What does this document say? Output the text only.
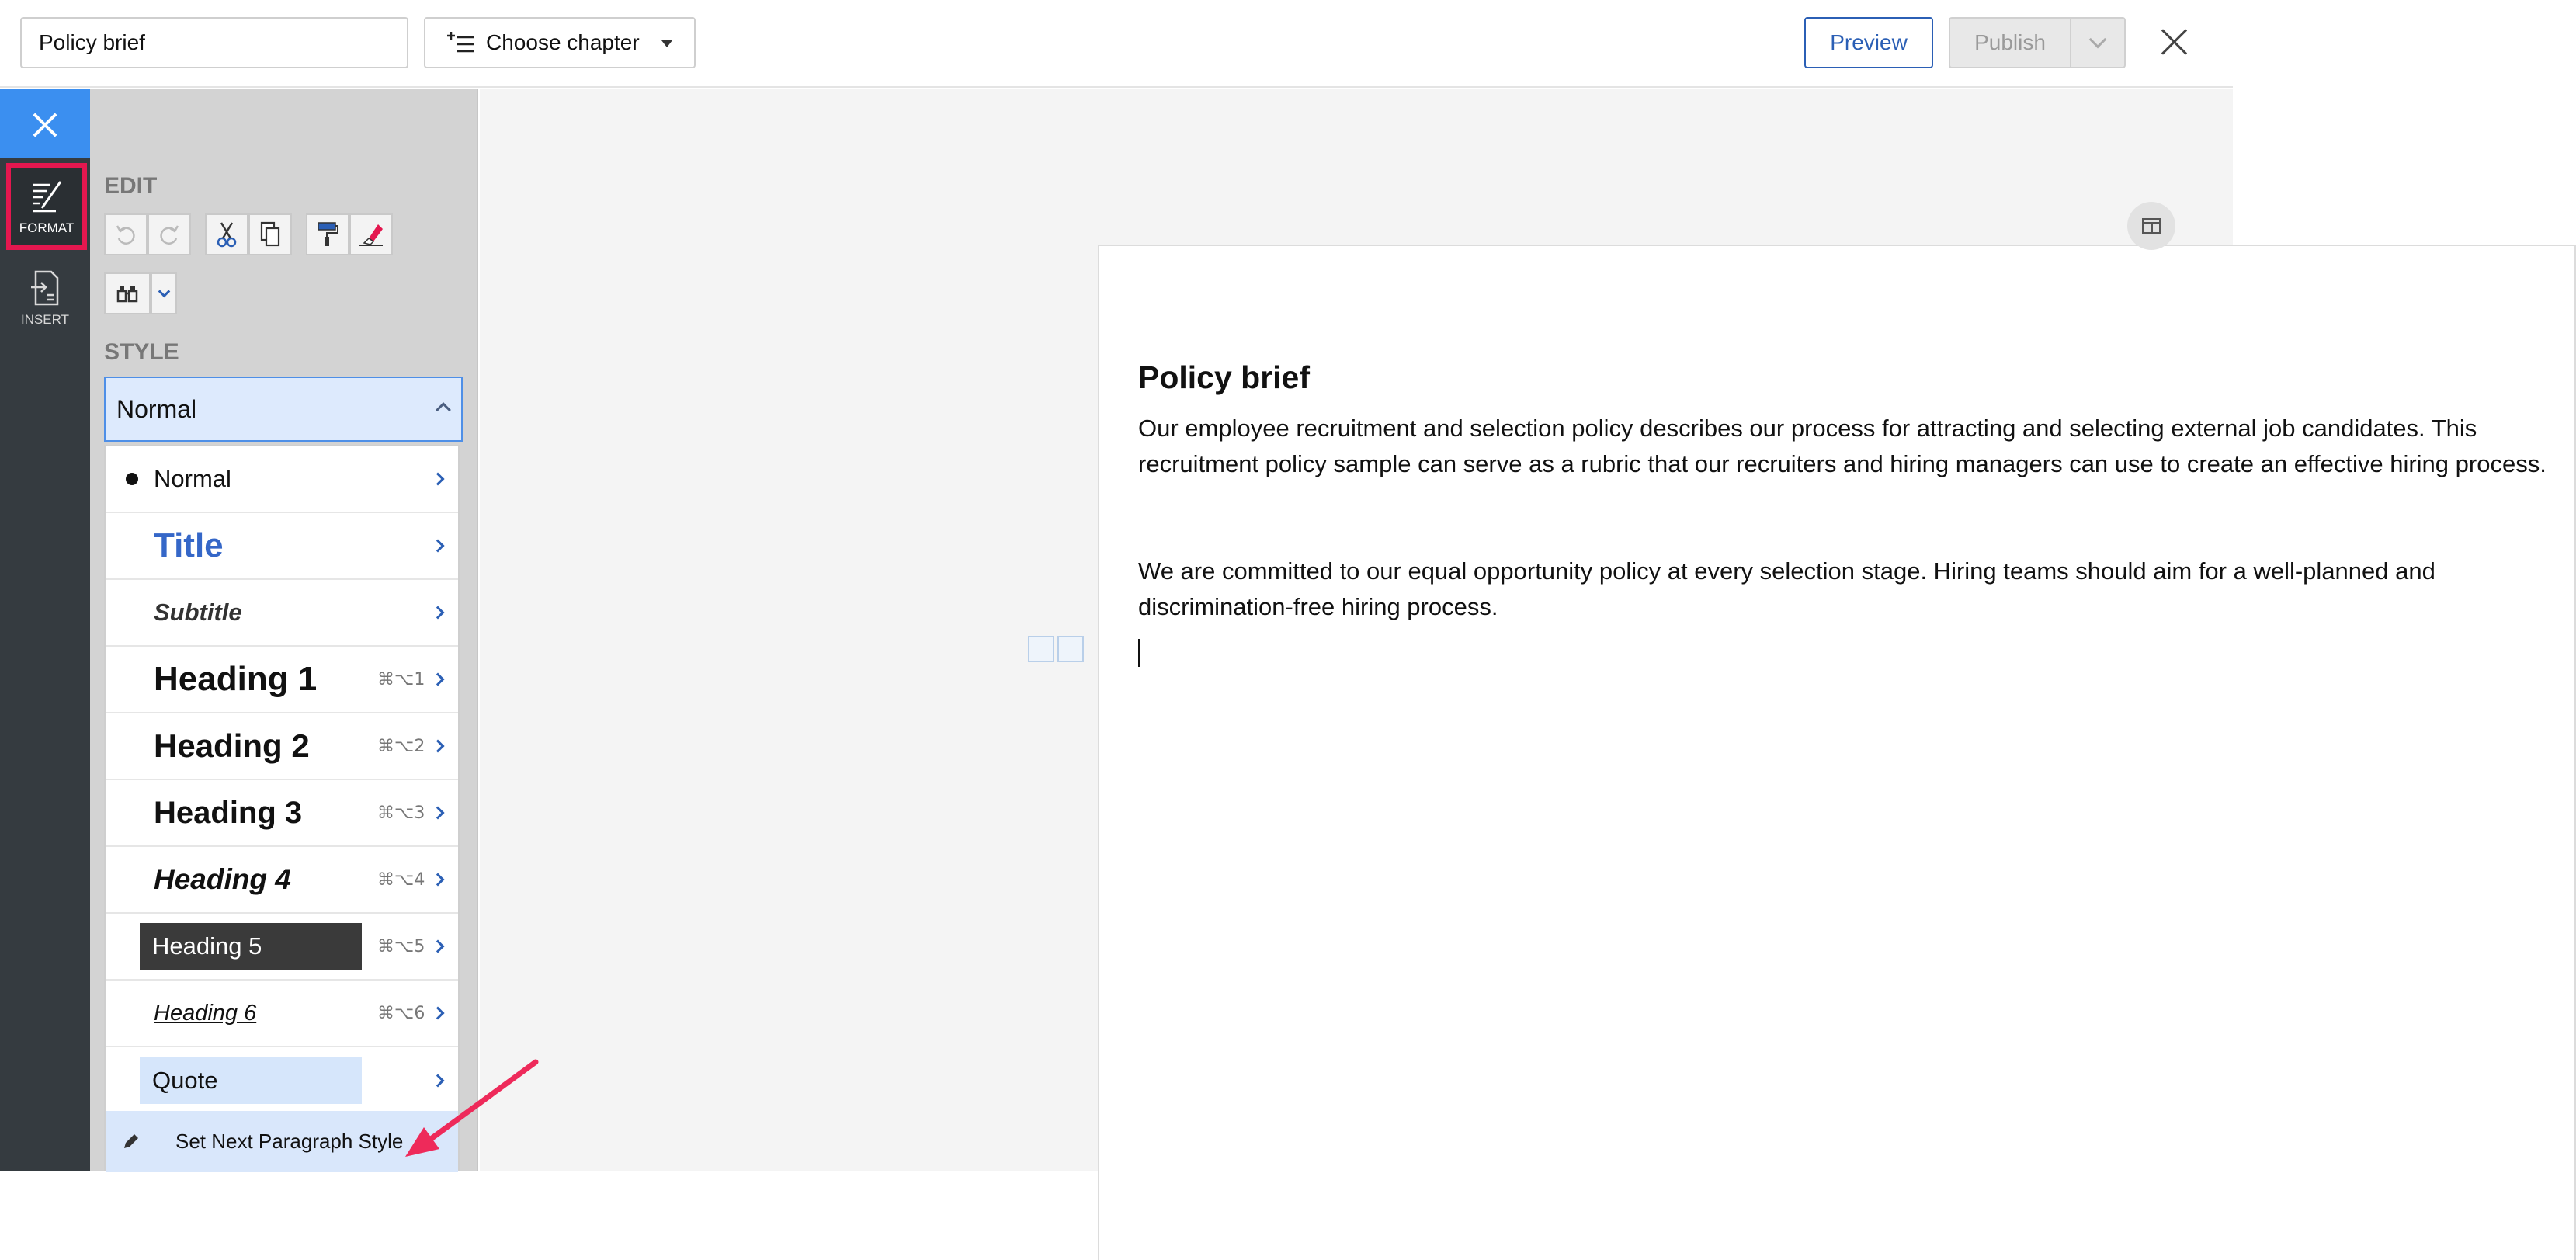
Policy brief
Choose chapter	Preview	Publish
FORMAT
INSERT
EDIT
STYLE
Normal
Normal
Title
Subtitle
Heading 1	⌘⌥1
Heading 2	⌘⌥2
Heading 3	⌘⌥3
Heading 4	⌘⌥4
Heading 5	⌘⌥5
Heading 6	⌘⌥6
Quote
Set Next Paragraph Style
Policy brief
Our employee recruitment and selection policy describes our process for attracting and selecting external job candidates. This recruitment policy sample can serve as a rubric that our recruiters and hiring managers can use to create an effective hiring process.
We are committed to our equal opportunity policy at every selection stage. Hiring teams should aim for a well-planned and discrimination-free hiring process.
